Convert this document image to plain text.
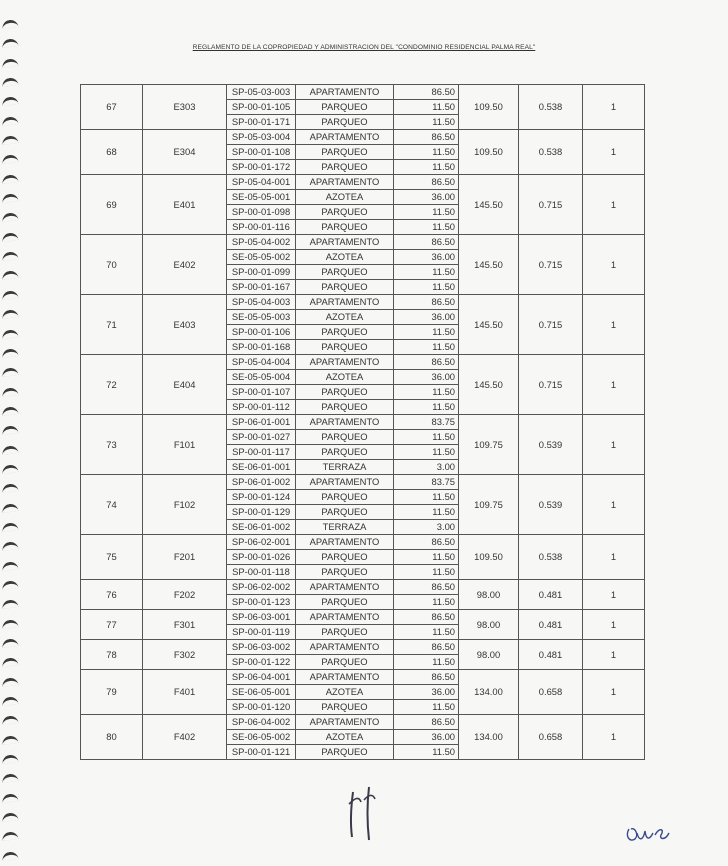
REGLAMENTO DE LA COPROPIEDAD Y ADMINISTRACION DEL "CONDOMINIO RESIDENCIAL PALMA REAL"
67	E303	SP-05-03-003	APARTAMENTO	86.50	109.50	0.538	1
		SP-00-01-105	PARQUEO	11.50			
		SP-00-01-171	PARQUEO	11.50			
68	E304	SP-05-03-004	APARTAMENTO	86.50	109.50	0.538	1
		SP-00-01-108	PARQUEO	11.50			
		SP-00-01-172	PARQUEO	11.50			
69	E401	SP-05-04-001	APARTAMENTO	86.50	145.50	0.715	1
		SE-05-05-001	AZOTEA	36.00			
		SP-00-01-098	PARQUEO	11.50			
		SP-00-01-116	PARQUEO	11.50			
70	E402	SP-05-04-002	APARTAMENTO	86.50	145.50	0.715	1
		SE-05-05-002	AZOTEA	36.00			
		SP-00-01-099	PARQUEO	11.50			
		SP-00-01-167	PARQUEO	11.50			
71	E403	SP-05-04-003	APARTAMENTO	86.50	145.50	0.715	1
		SE-05-05-003	AZOTEA	36.00			
		SP-00-01-106	PARQUEO	11.50			
		SP-00-01-168	PARQUEO	11.50			
72	E404	SP-05-04-004	APARTAMENTO	86.50	145.50	0.715	1
		SE-05-05-004	AZOTEA	36.00			
		SP-00-01-107	PARQUEO	11.50			
		SP-00-01-112	PARQUEO	11.50			
73	F101	SP-06-01-001	APARTAMENTO	83.75	109.75	0.539	1
		SP-00-01-027	PARQUEO	11.50			
		SP-00-01-117	PARQUEO	11.50			
		SE-06-01-001	TERRAZA	3.00			
74	F102	SP-06-01-002	APARTAMENTO	83.75	109.75	0.539	1
		SP-00-01-124	PARQUEO	11.50			
		SP-00-01-129	PARQUEO	11.50			
		SE-06-01-002	TERRAZA	3.00			
75	F201	SP-06-02-001	APARTAMENTO	86.50	109.50	0.538	1
		SP-00-01-026	PARQUEO	11.50			
		SP-00-01-118	PARQUEO	11.50			
76	F202	SP-06-02-002	APARTAMENTO	86.50	98.00	0.481	1
		SP-00-01-123	PARQUEO	11.50			
77	F301	SP-06-03-001	APARTAMENTO	86.50	98.00	0.481	1
		SP-00-01-119	PARQUEO	11.50			
78	F302	SP-06-03-002	APARTAMENTO	86.50	98.00	0.481	1
		SP-00-01-122	PARQUEO	11.50			
79	F401	SP-06-04-001	APARTAMENTO	86.50	134.00	0.658	1
		SE-06-05-001	AZOTEA	36.00			
		SP-00-01-120	PARQUEO	11.50			
80	F402	SP-06-04-002	APARTAMENTO	86.50	134.00	0.658	1
		SE-06-05-002	AZOTEA	36.00			
		SP-00-01-121	PARQUEO	11.50			
